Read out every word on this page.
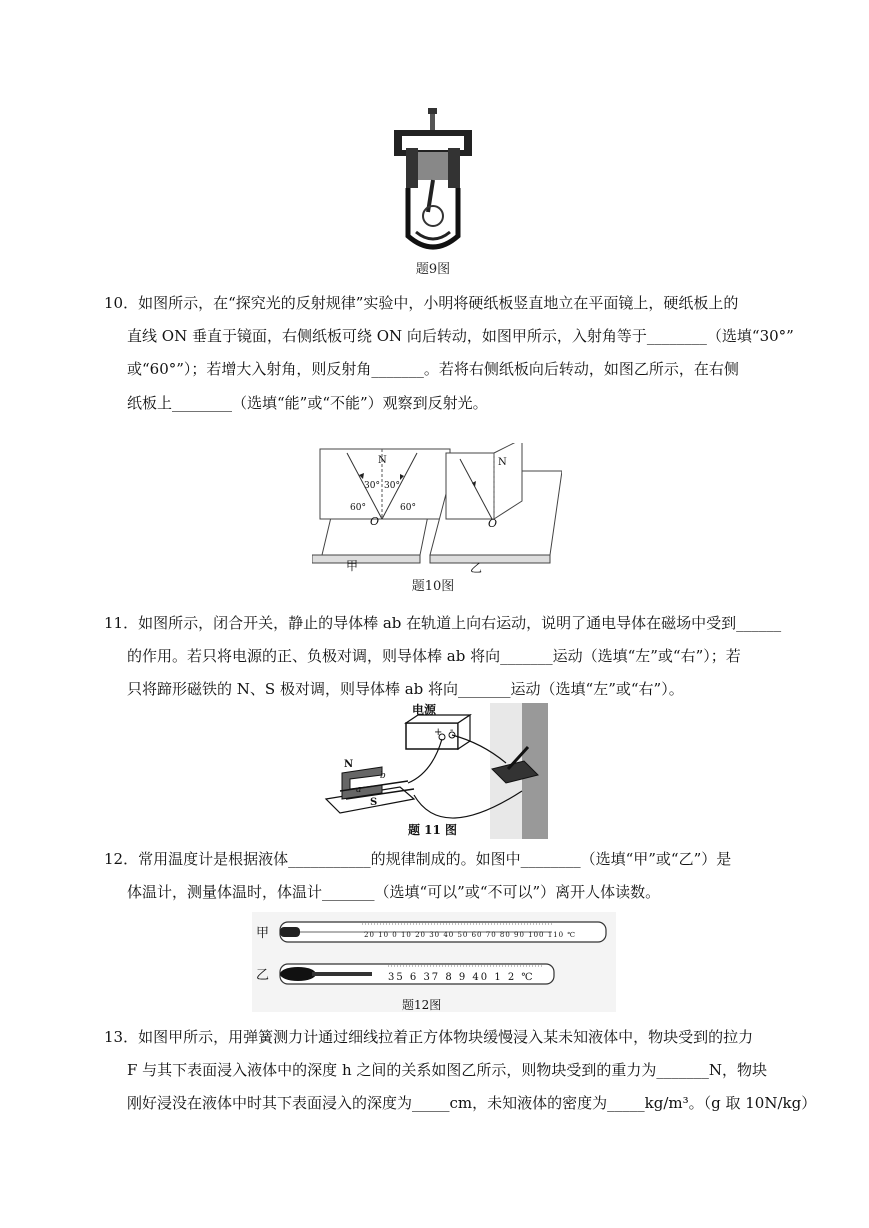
题9图
10．如图所示，在“探究光的反射规律”实验中，小明将硬纸板竖直地立在平面镜上，硬纸板上的
直线 ON 垂直于镜面，右侧纸板可绕 ON 向后转动，如图甲所示，入射角等于________（选填“30°”
或“60°”）；若增大入射角，则反射角_______。若将右侧纸板向后转动，如图乙所示，在右侧
纸板上________（选填“能”或“不能”）观察到反射光。
30° 30°
60°	60°
N	N
O	O
甲	乙
题10图
11．如图所示，闭合开关，静止的导体棒 ab 在轨道上向右运动，说明了通电导体在磁场中受到______
的作用。若只将电源的正、负极对调，则导体棒 ab 将向_______运动（选填“左”或“右”）；若
只将蹄形磁铁的 N、S 极对调，则导体棒 ab 将向_______运动（选填“左”或“右”）。
电源
+ -
N
S
a
b
题 11 图
12．常用温度计是根据液体___________的规律制成的。如图中________（选填“甲”或“乙”）是
体温计，测量体温时，体温计_______（选填“可以”或“不可以”）离开人体读数。
甲	20 10 0 10 20 30 40 50 60 70 80 90 100 110 ℃
乙	35 6 37 8 9 40 1 2 ℃
题12图
13．如图甲所示，用弹簧测力计通过细线拉着正方体物块缓慢浸入某未知液体中，物块受到的拉力
F 与其下表面浸入液体中的深度 h 之间的关系如图乙所示，则物块受到的重力为_______N，物块
刚好浸没在液体中时其下表面浸入的深度为_____cm，未知液体的密度为_____kg/m³。（g 取 10N/kg）
